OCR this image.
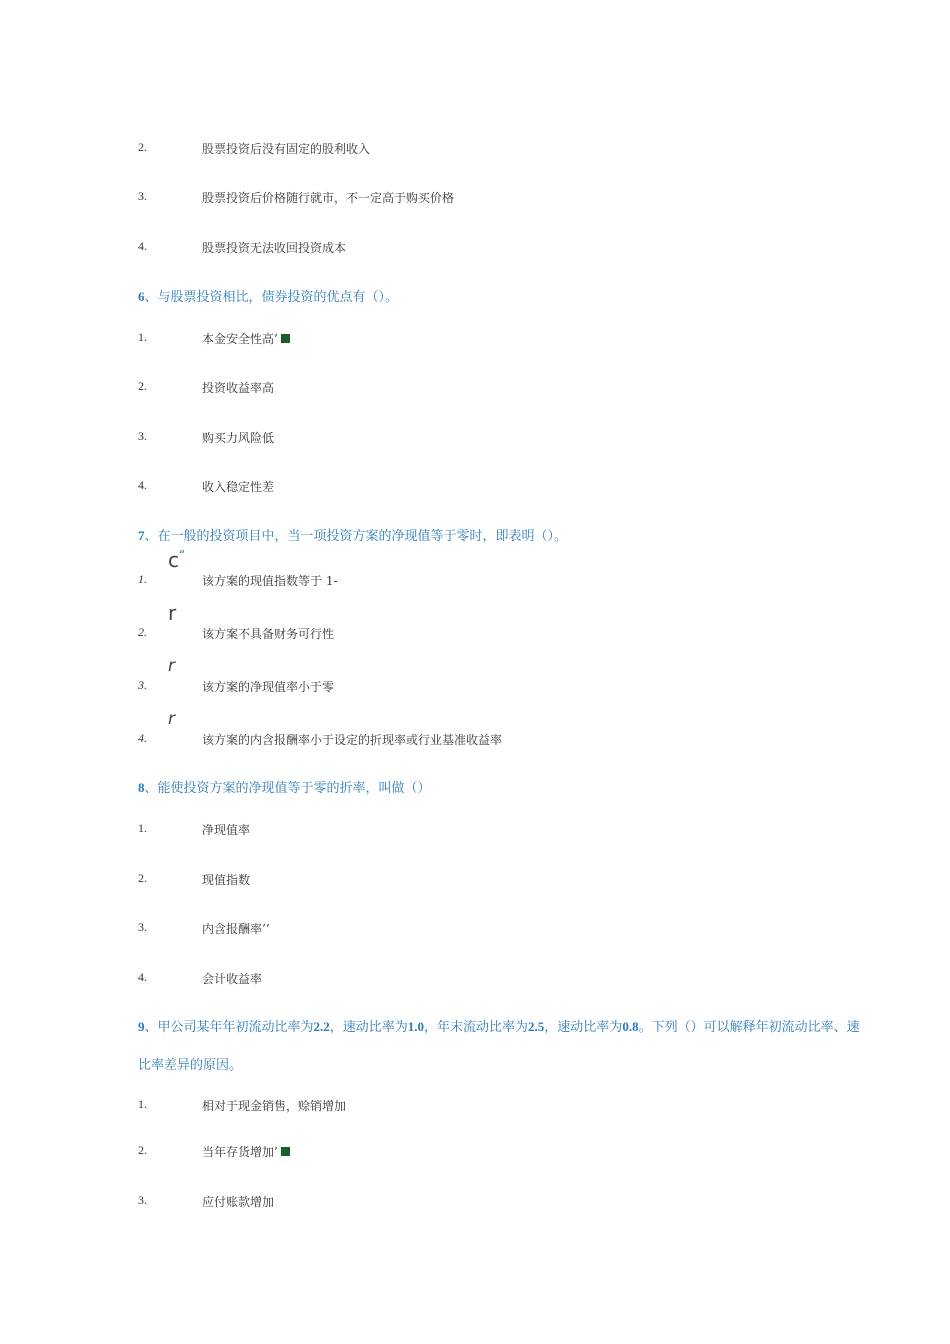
2.	股票投资后没有固定的股利收入
3.	股票投资后价格随行就市，不一定高于购买价格
4.	股票投资无法收回投资成本
6、与股票投资相比，债券投资的优点有（）。
1.	本金安全性高’
2.	投资收益率高
3.	购买力风险低
4.	收入稳定性差
7、在一般的投资项目中，当一项投资方案的净现值等于零时，即表明（）。
c“
1.	该方案的现值指数等于 1-
r
2.	该方案不具备财务可行性
r
3.	该方案的净现值率小于零
r
4.	该方案的内含报酬率小于设定的折现率或行业基准收益率
8、能使投资方案的净现值等于零的折率，叫做（）
1.	净现值率
2.	现值指数
3.	内含报酬率’’
4.	会计收益率
9、甲公司某年年初流动比率为2.2，速动比率为1.0，年末流动比率为2.5，速动比率为0.8。下列（）可以解释年初流动比率、速
比率差异的原因。
1.	相对于现金销售，赊销增加
2.	当年存货增加’
3.	应付账款增加
